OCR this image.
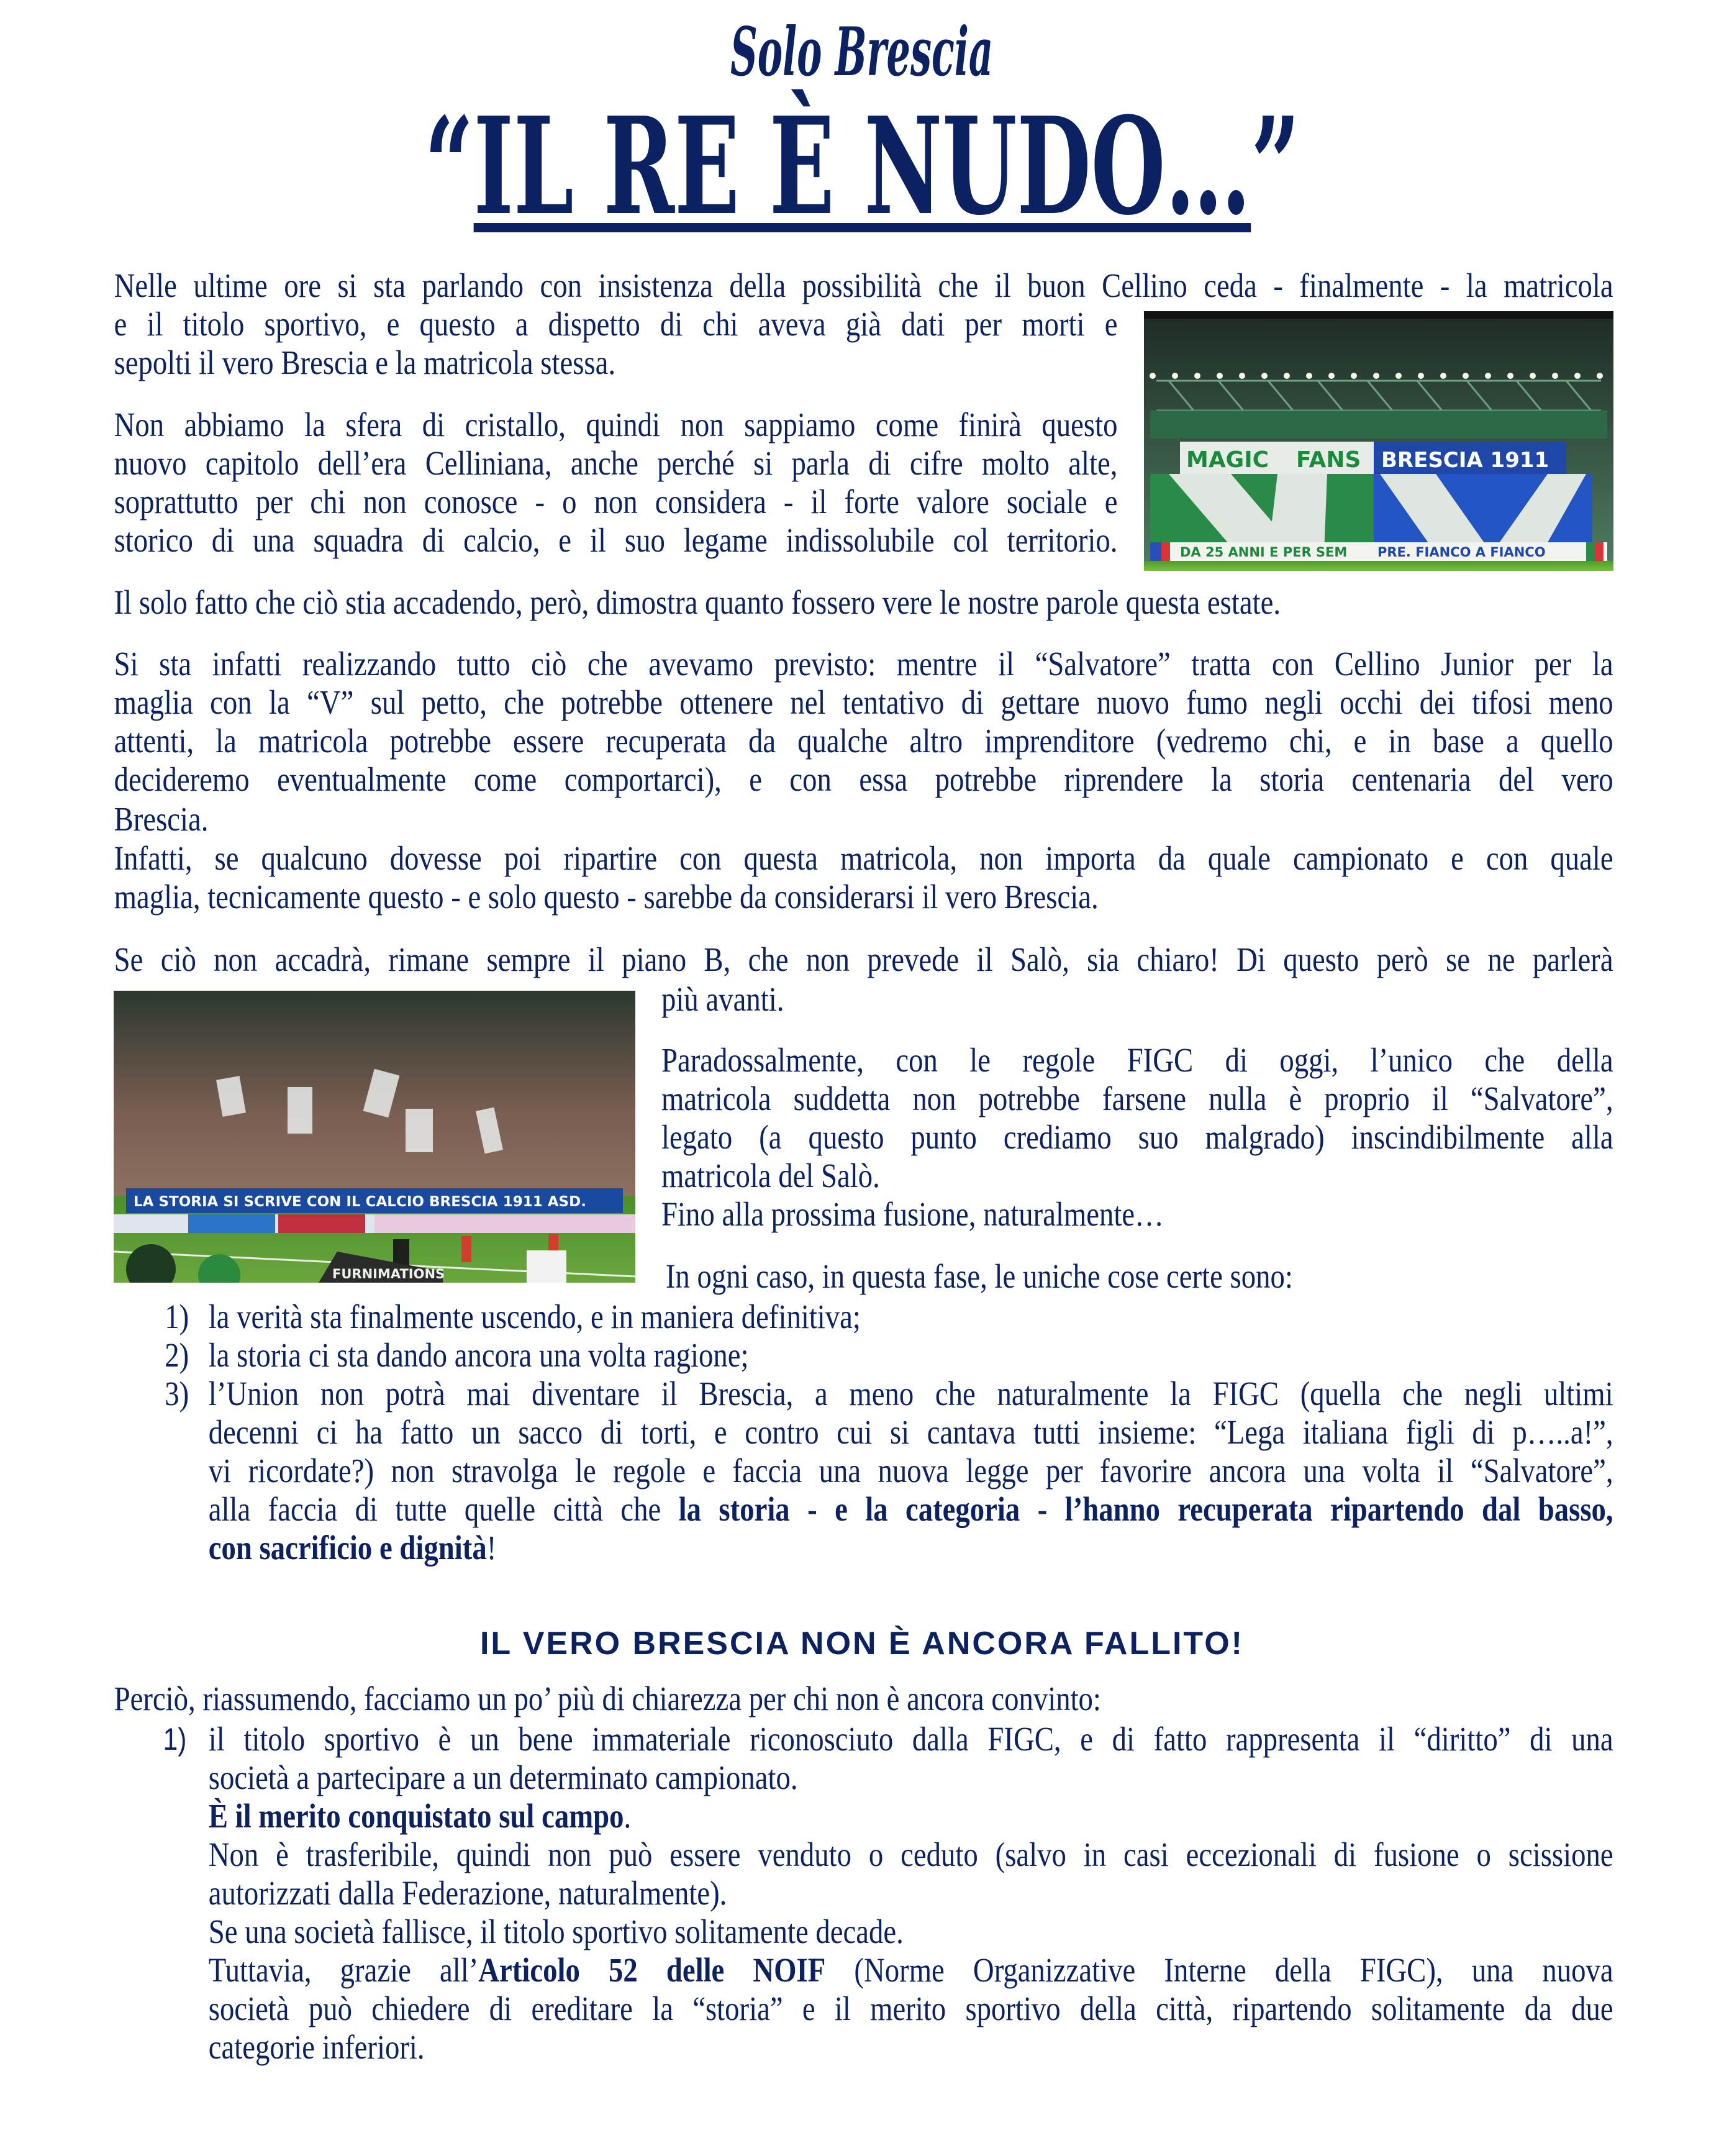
Solo Brescia
“IL RE È NUDO…”
MAGIC FANS BRESCIA 1911
DA 25 ANNI E PER SEM PRE. FIANCO A FIANCO
LA STORIA SI SCRIVE CON IL CALCIO BRESCIA 1911 ASD.
FURNIMATIONS
Nelle ultime ore si sta parlando con insistenza della possibilità che il buon Cellino ceda - finalmente - la matricola
e il titolo sportivo, e questo a dispetto di chi aveva già dati per morti e
sepolti il vero Brescia e la matricola stessa.
Non abbiamo la sfera di cristallo, quindi non sappiamo come finirà questo
nuovo capitolo dell’era Celliniana, anche perché si parla di cifre molto alte,
soprattutto per chi non conosce - o non considera - il forte valore sociale e
storico di una squadra di calcio, e il suo legame indissolubile col territorio.
Il solo fatto che ciò stia accadendo, però, dimostra quanto fossero vere le nostre parole questa estate.
Si sta infatti realizzando tutto ciò che avevamo previsto: mentre il “Salvatore” tratta con Cellino Junior per la
maglia con la “V” sul petto, che potrebbe ottenere nel tentativo di gettare nuovo fumo negli occhi dei tifosi meno
attenti, la matricola potrebbe essere recuperata da qualche altro imprenditore (vedremo chi, e in base a quello
decideremo eventualmente come comportarci), e con essa potrebbe riprendere la storia centenaria del vero
Brescia.
Infatti, se qualcuno dovesse poi ripartire con questa matricola, non importa da quale campionato e con quale
maglia, tecnicamente questo - e solo questo - sarebbe da considerarsi il vero Brescia.
Se ciò non accadrà, rimane sempre il piano B, che non prevede il Salò, sia chiaro! Di questo però se ne parlerà
più avanti.
Paradossalmente, con le regole FIGC di oggi, l’unico che della
matricola suddetta non potrebbe farsene nulla è proprio il “Salvatore”,
legato (a questo punto crediamo suo malgrado) inscindibilmente alla
matricola del Salò.
Fino alla prossima fusione, naturalmente…
In ogni caso, in questa fase, le uniche cose certe sono:
1) la verità sta finalmente uscendo, e in maniera definitiva;
2) la storia ci sta dando ancora una volta ragione;
3) l’Union non potrà mai diventare il Brescia, a meno che naturalmente la FIGC (quella che negli ultimi
decenni ci ha fatto un sacco di torti, e contro cui si cantava tutti insieme: “Lega italiana figli di p…..a!”,
vi ricordate?) non stravolga le regole e faccia una nuova legge per favorire ancora una volta il “Salvatore”,
alla faccia di tutte quelle città che la storia - e la categoria - l’hanno recuperata ripartendo dal basso,
con sacrificio e dignità!
Perciò, riassumendo, facciamo un po’ più di chiarezza per chi non è ancora convinto:
1) il titolo sportivo è un bene immateriale riconosciuto dalla FIGC, e di fatto rappresenta il “diritto” di una
società a partecipare a un determinato campionato.
È il merito conquistato sul campo.
Non è trasferibile, quindi non può essere venduto o ceduto (salvo in casi eccezionali di fusione o scissione
autorizzati dalla Federazione, naturalmente).
Se una società fallisce, il titolo sportivo solitamente decade.
Tuttavia, grazie all’Articolo 52 delle NOIF (Norme Organizzative Interne della FIGC), una nuova
società può chiedere di ereditare la “storia” e il merito sportivo della città, ripartendo solitamente da due
categorie inferiori.
IL VERO BRESCIA NON È ANCORA FALLITO!
